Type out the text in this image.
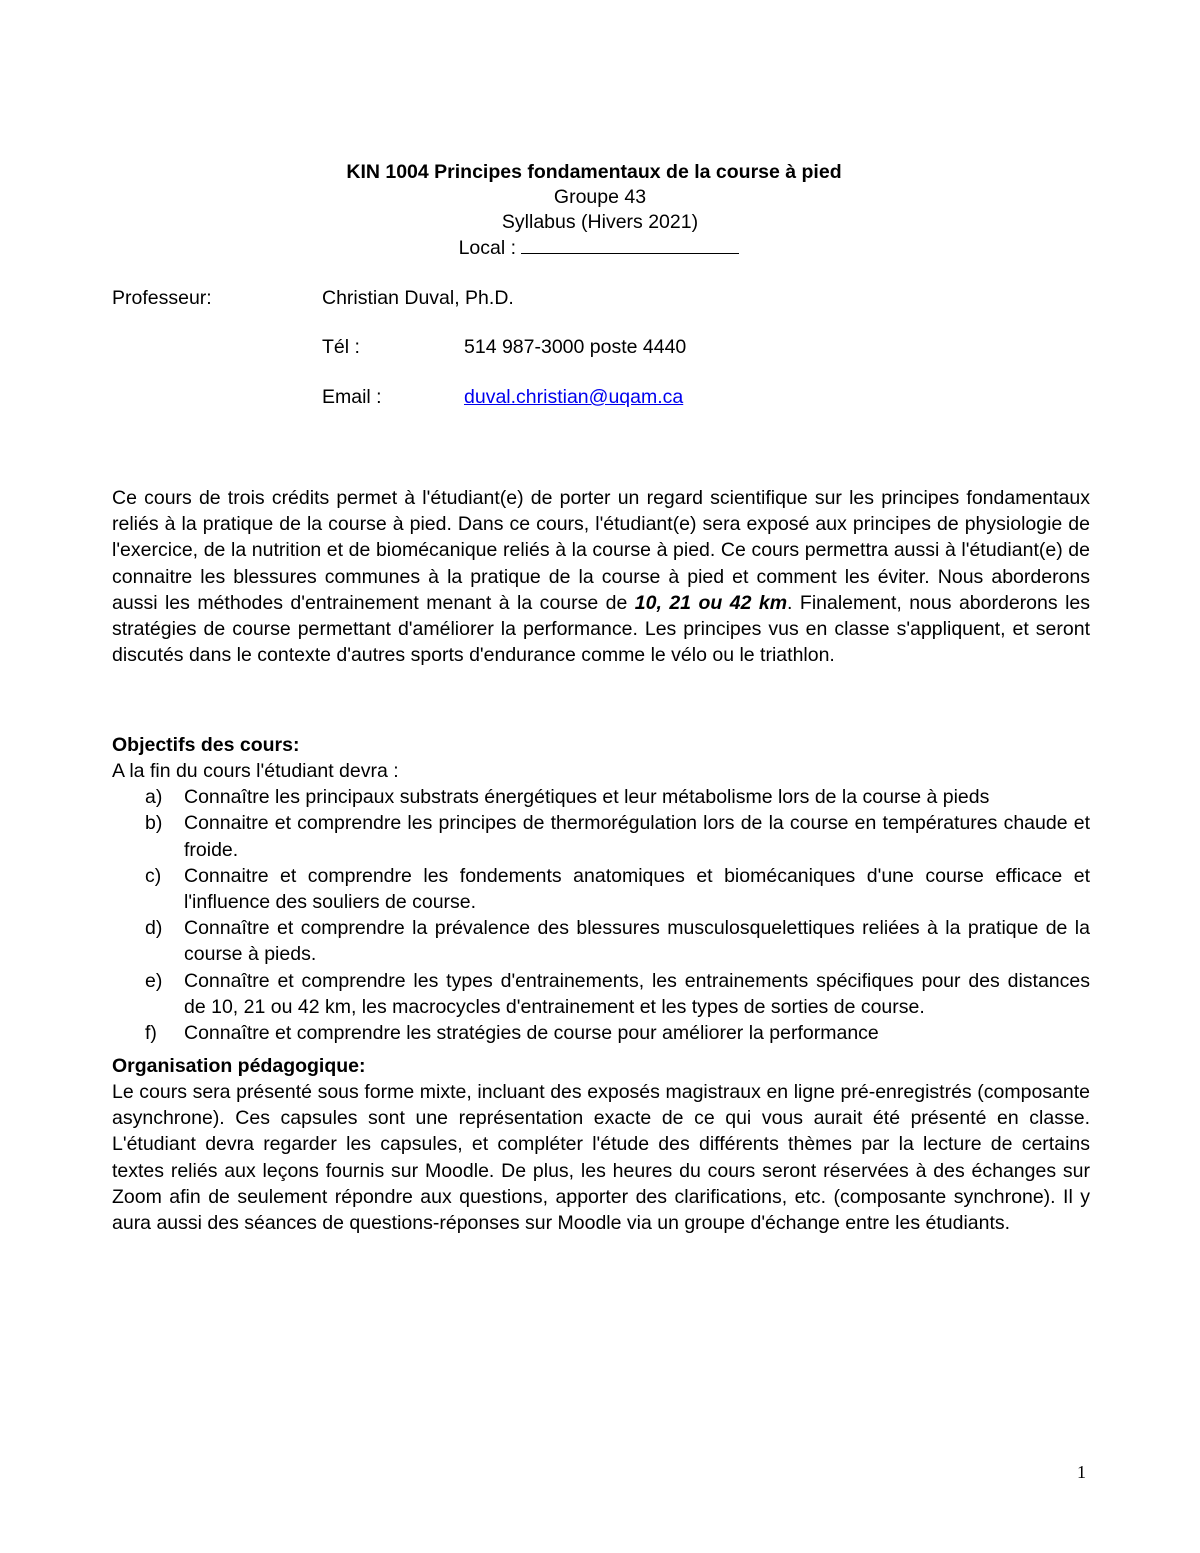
KIN 1004 Principes fondamentaux de la course à pied
Groupe 43
Syllabus (Hivers 2021)
Local :
Professeur:	Christian Duval, Ph.D.
Tél :	514 987-3000 poste 4440
Email :	duval.christian@uqam.ca
Ce cours de trois crédits permet à l'étudiant(e) de porter un regard scientifique sur les principes fondamentaux reliés à la pratique de la course à pied. Dans ce cours, l'étudiant(e) sera exposé aux principes de physiologie de l'exercice, de la nutrition et de biomécanique reliés à la course à pied. Ce cours permettra aussi à l'étudiant(e) de connaitre les blessures communes à la pratique de la course à pied et comment les éviter. Nous aborderons aussi les méthodes d'entrainement menant à la course de 10, 21 ou 42 km. Finalement, nous aborderons les stratégies de course permettant d'améliorer la performance. Les principes vus en classe s'appliquent, et seront discutés dans le contexte d'autres sports d'endurance comme le vélo ou le triathlon.
Objectifs des cours:
A la fin du cours l'étudiant devra :
a) Connaître les principaux substrats énergétiques et leur métabolisme lors de la course à pieds
b) Connaitre et comprendre les principes de thermorégulation lors de la course en températures chaude et froide.
c) Connaitre et comprendre les fondements anatomiques et biomécaniques d'une course efficace et l'influence des souliers de course.
d) Connaître et comprendre la prévalence des blessures musculosquelettiques reliées à la pratique de la course à pieds.
e) Connaître et comprendre les types d'entrainements, les entrainements spécifiques pour des distances de 10, 21 ou 42 km, les macrocycles d'entrainement et les types de sorties de course.
f) Connaître et comprendre les stratégies de course pour améliorer la performance
Organisation pédagogique:
Le cours sera présenté sous forme mixte, incluant des exposés magistraux en ligne pré-enregistrés (composante asynchrone). Ces capsules sont une représentation exacte de ce qui vous aurait été présenté en classe. L'étudiant devra regarder les capsules, et compléter l'étude des différents thèmes par la lecture de certains textes reliés aux leçons fournis sur Moodle. De plus, les heures du cours seront réservées à des échanges sur Zoom afin de seulement répondre aux questions, apporter des clarifications, etc. (composante synchrone). Il y aura aussi des séances de questions-réponses sur Moodle via un groupe d'échange entre les étudiants.
1
